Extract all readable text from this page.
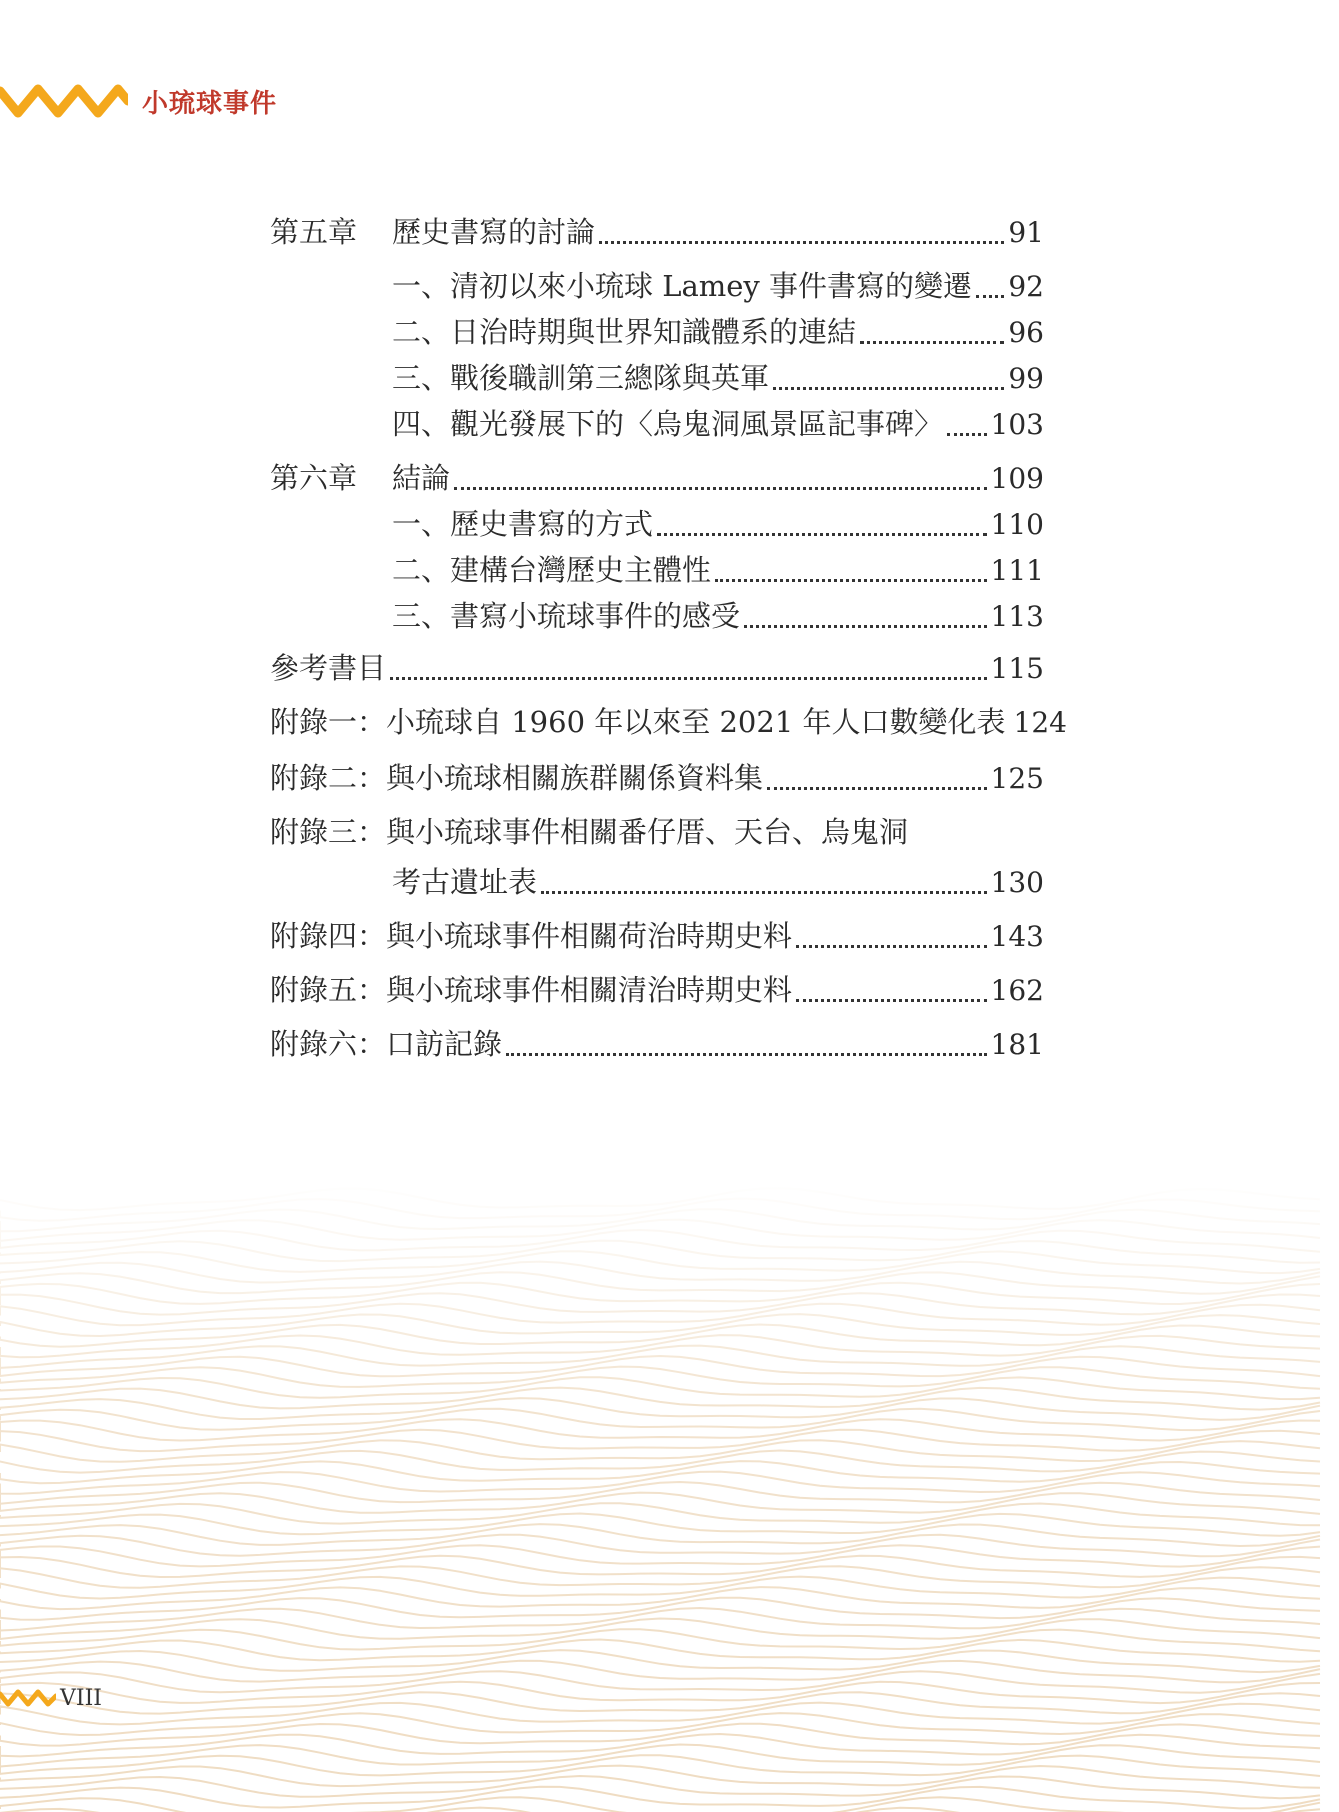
小琉球事件
第五章	歷史書寫的討論	91
一、清初以來小琉球 Lamey 事件書寫的變遷 92
二、日治時期與世界知識體系的連結	96
三、戰後職訓第三總隊與英軍	99
四、觀光發展下的〈烏鬼洞風景區記事碑〉 103
第六章	結論	109
一、歷史書寫的方式	110
二、建構台灣歷史主體性	111
三、書寫小琉球事件的感受	113
參考書目	115
附錄一： 小琉球自 1960 年以來至 2021 年人口數變化表 124
附錄二： 與小琉球相關族群關係資料集	125
附錄三： 與小琉球事件相關番仔厝、天台、烏鬼洞
考古遺址表	130
附錄四： 與小琉球事件相關荷治時期史料	143
附錄五： 與小琉球事件相關清治時期史料	162
附錄六： 口訪記錄	181
VIII
